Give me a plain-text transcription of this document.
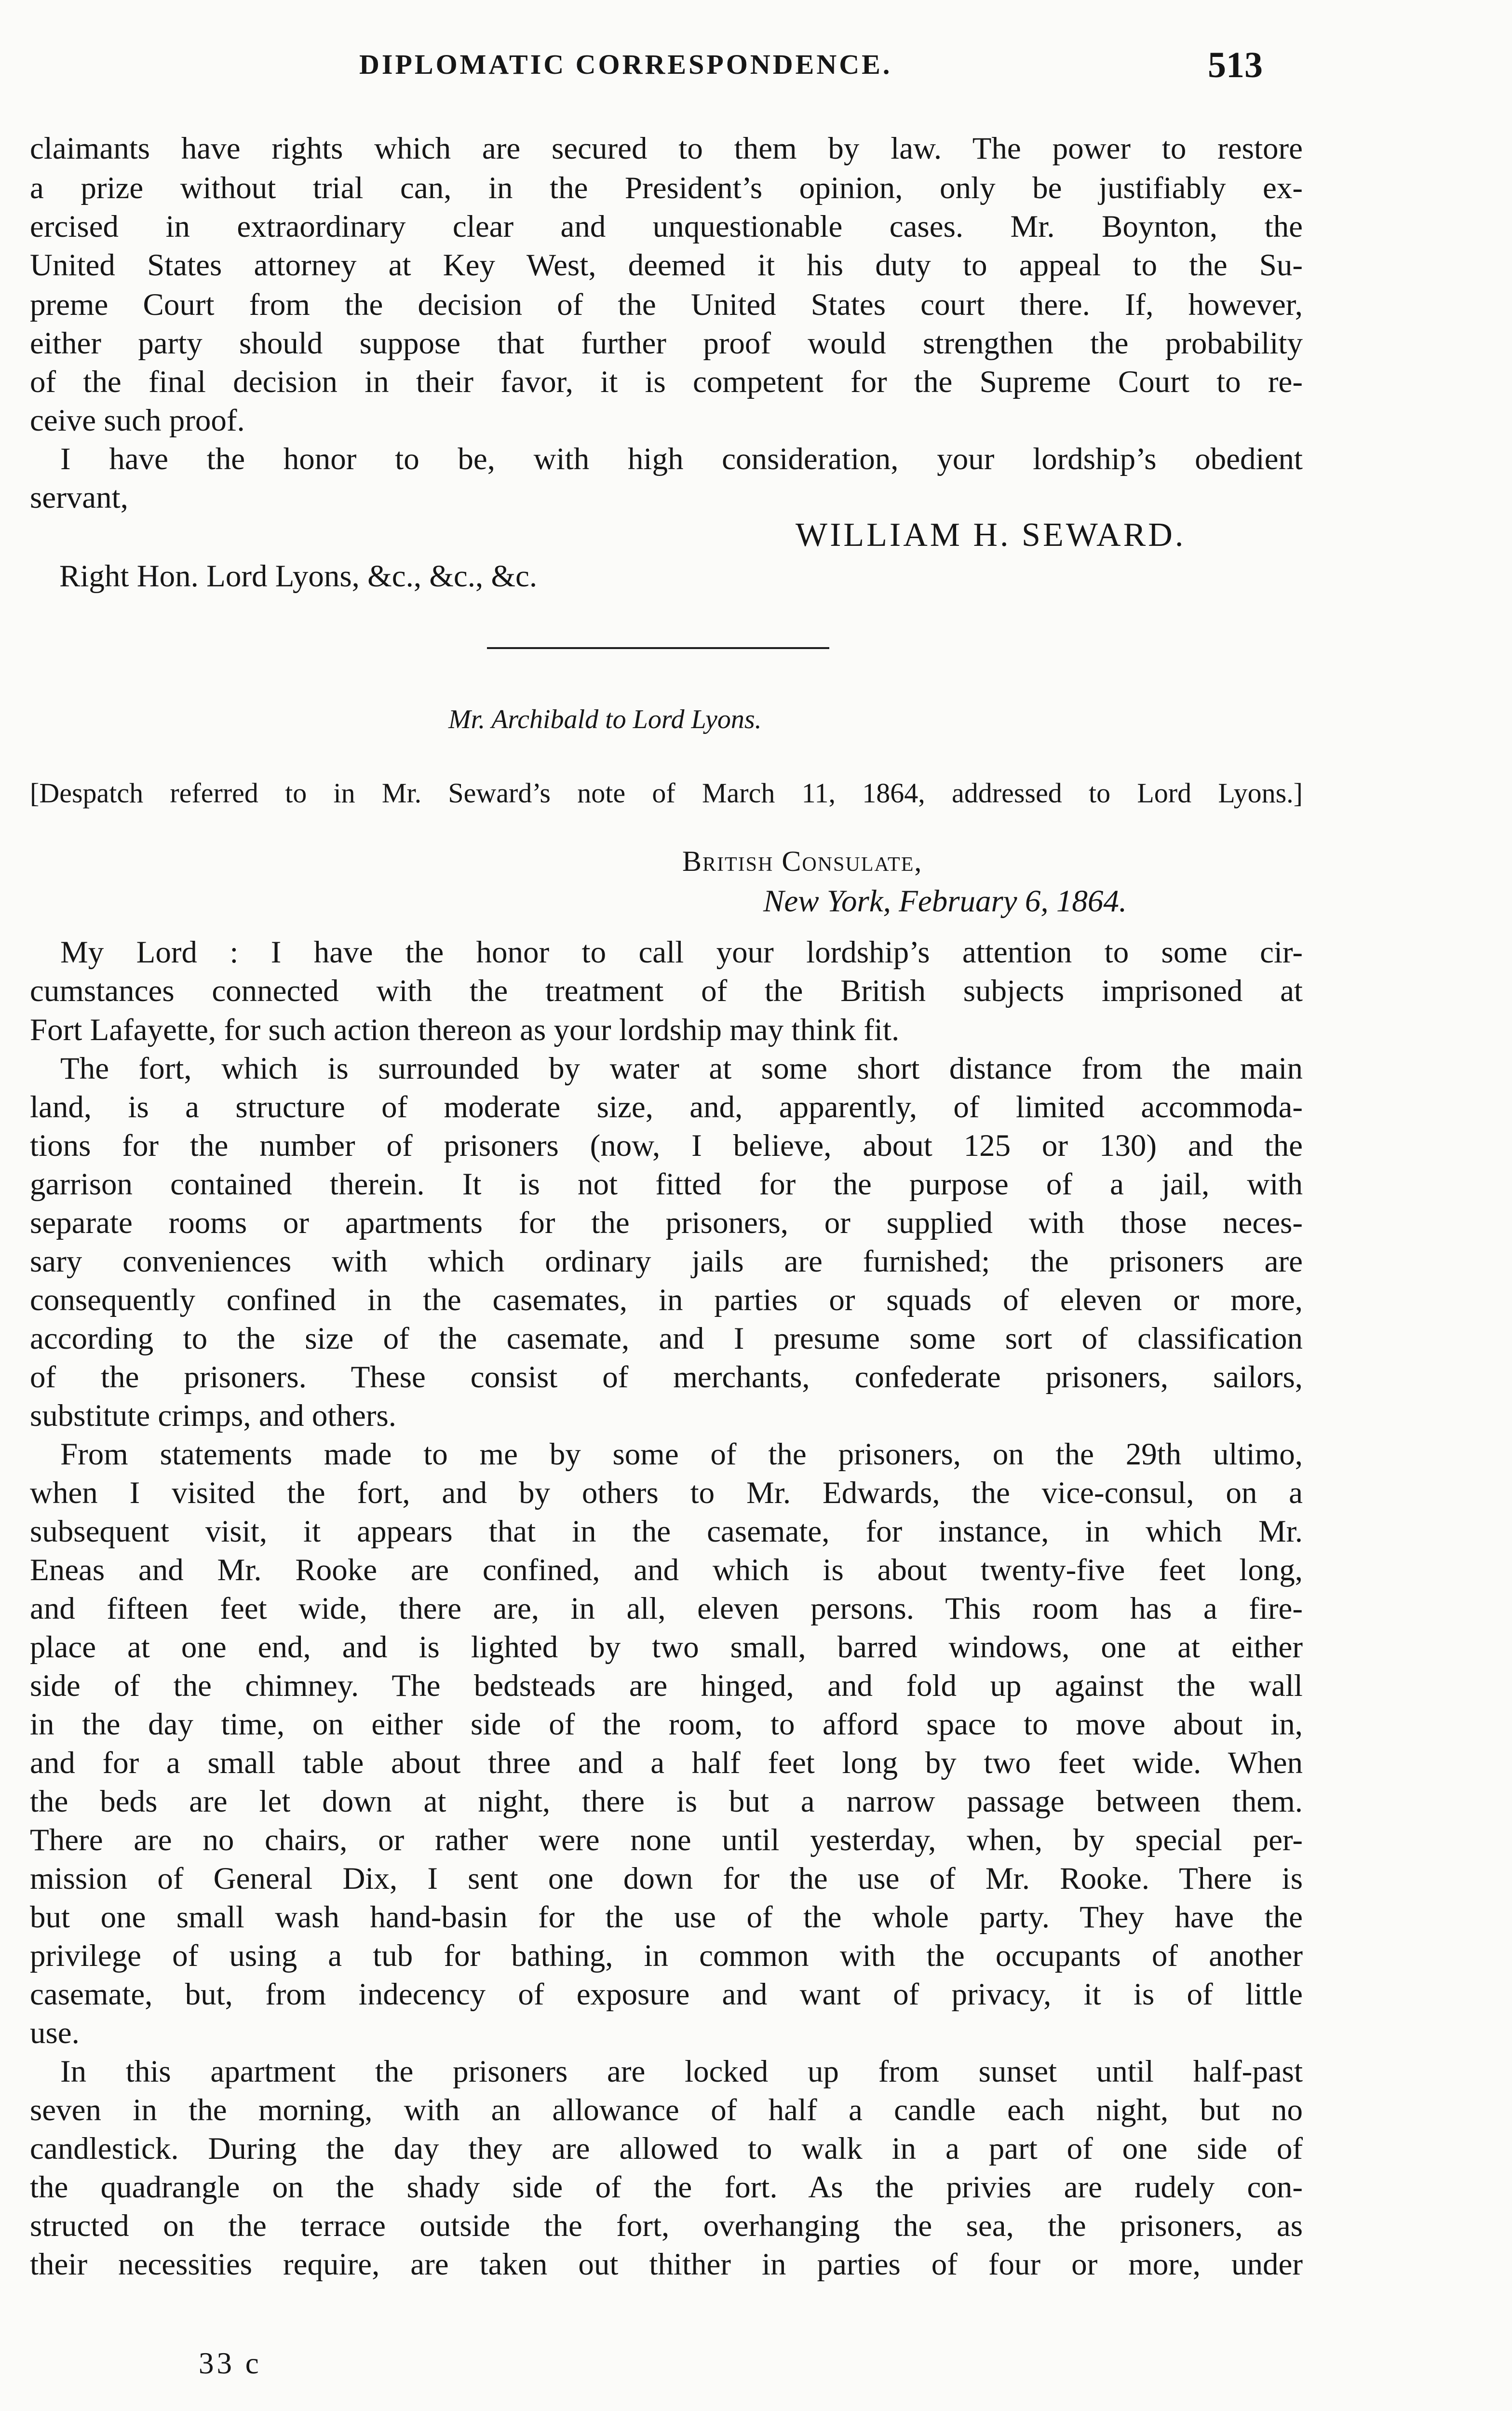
DIPLOMATIC CORRESPONDENCE.	513
claimants have rights which are secured to them by law. The power to restore
a prize without trial can, in the President’s opinion, only be justifiably ex-
ercised in extraordinary clear and unquestionable cases. Mr. Boynton, the
United States attorney at Key West, deemed it his duty to appeal to the Su-
preme Court from the decision of the United States court there. If, however,
either party should suppose that further proof would strengthen the probability
of the final decision in their favor, it is competent for the Supreme Court to re-
ceive such proof.
I have the honor to be, with high consideration, your lordship’s obedient
servant,
WILLIAM H. SEWARD.
Right Hon. Lord Lyons, &c., &c., &c.
Mr. Archibald to Lord Lyons.
[Despatch referred to in Mr. Seward’s note of March 11, 1864, addressed to Lord Lyons.]
British Consulate,
New York, February 6, 1864.
My Lord : I have the honor to call your lordship’s attention to some cir-
cumstances connected with the treatment of the British subjects imprisoned at
Fort Lafayette, for such action thereon as your lordship may think fit.
The fort, which is surrounded by water at some short distance from the main
land, is a structure of moderate size, and, apparently, of limited accommoda-
tions for the number of prisoners (now, I believe, about 125 or 130) and the
garrison contained therein. It is not fitted for the purpose of a jail, with
separate rooms or apartments for the prisoners, or supplied with those neces-
sary conveniences with which ordinary jails are furnished; the prisoners are
consequently confined in the casemates, in parties or squads of eleven or more,
according to the size of the casemate, and I presume some sort of classification
of the prisoners. These consist of merchants, confederate prisoners, sailors,
substitute crimps, and others.
From statements made to me by some of the prisoners, on the 29th ultimo,
when I visited the fort, and by others to Mr. Edwards, the vice-consul, on a
subsequent visit, it appears that in the casemate, for instance, in which Mr.
Eneas and Mr. Rooke are confined, and which is about twenty-five feet long,
and fifteen feet wide, there are, in all, eleven persons. This room has a fire-
place at one end, and is lighted by two small, barred windows, one at either
side of the chimney. The bedsteads are hinged, and fold up against the wall
in the day time, on either side of the room, to afford space to move about in,
and for a small table about three and a half feet long by two feet wide. When
the beds are let down at night, there is but a narrow passage between them.
There are no chairs, or rather were none until yesterday, when, by special per-
mission of General Dix, I sent one down for the use of Mr. Rooke. There is
but one small wash hand-basin for the use of the whole party. They have the
privilege of using a tub for bathing, in common with the occupants of another
casemate, but, from indecency of exposure and want of privacy, it is of little
use.
In this apartment the prisoners are locked up from sunset until half-past
seven in the morning, with an allowance of half a candle each night, but no
candlestick. During the day they are allowed to walk in a part of one side of
the quadrangle on the shady side of the fort. As the privies are rudely con-
structed on the terrace outside the fort, overhanging the sea, the prisoners, as
their necessities require, are taken out thither in parties of four or more, under
33 c
